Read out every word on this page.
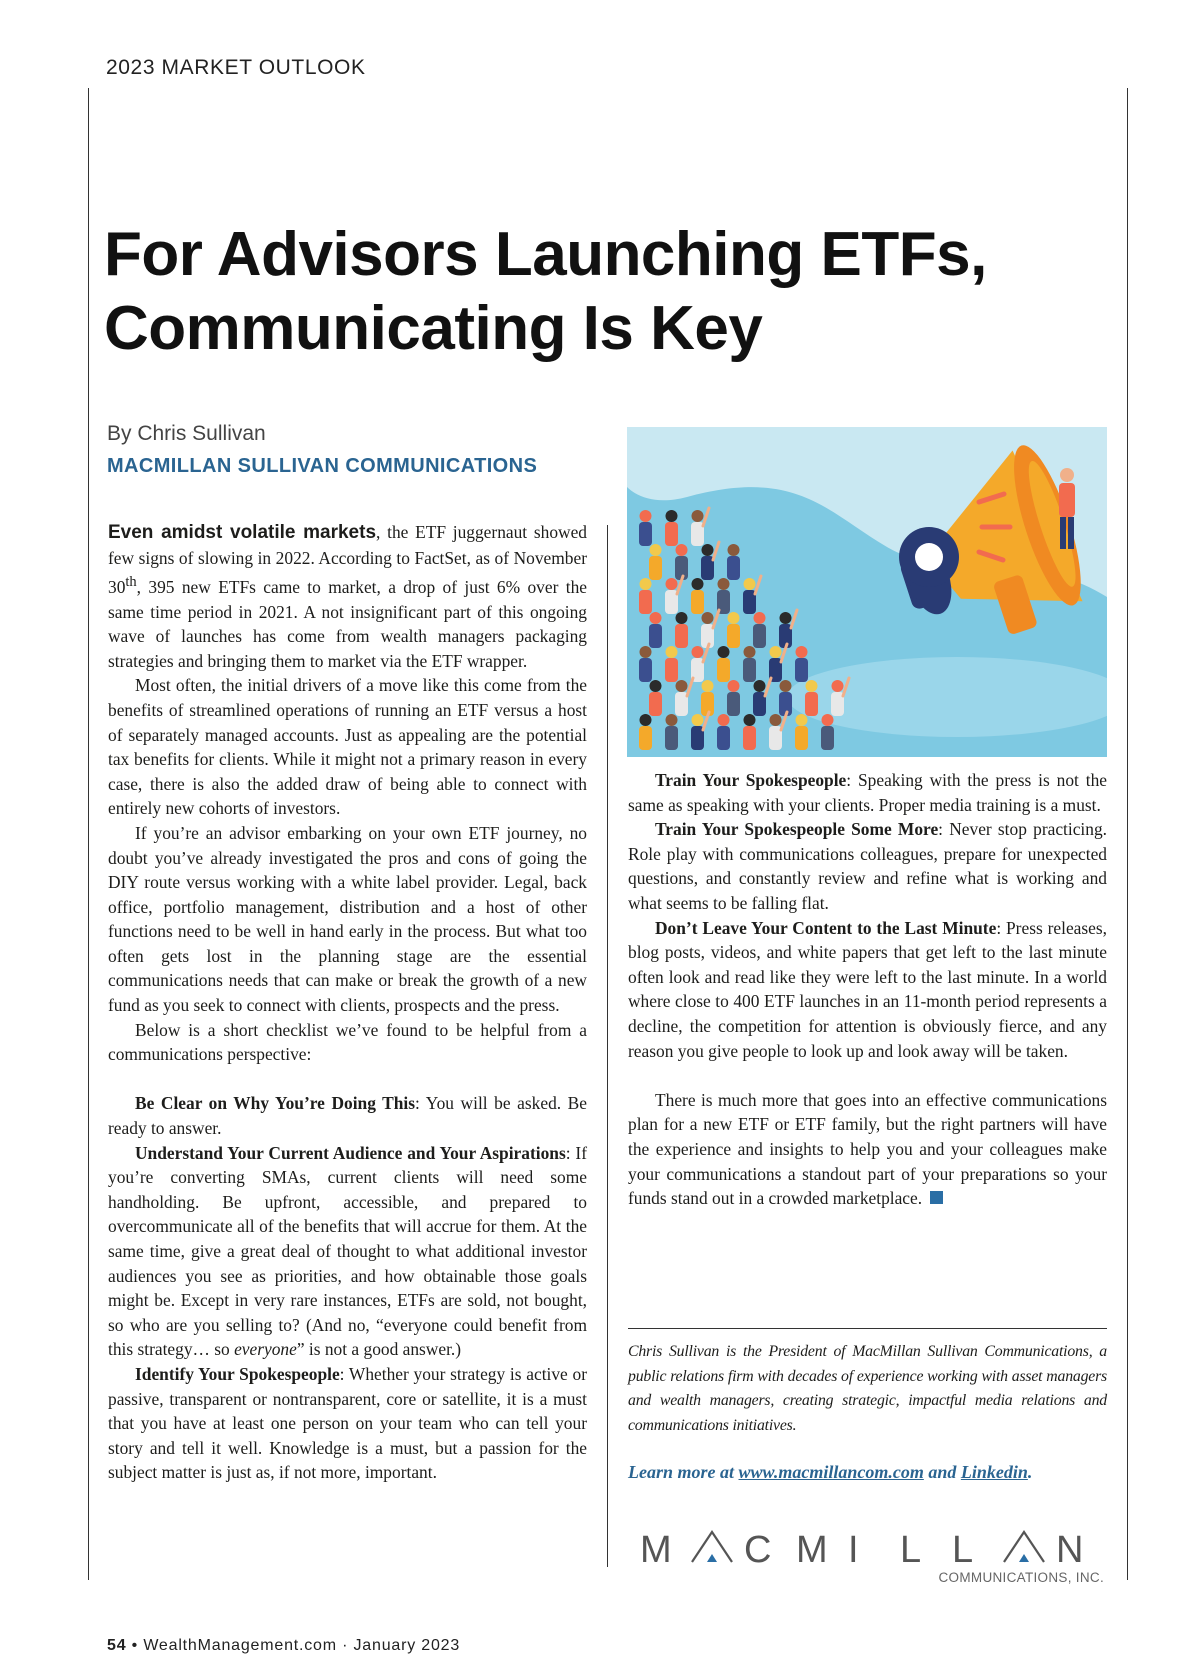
2023 MARKET OUTLOOK
For Advisors Launching ETFs,
Communicating Is Key
By Chris Sullivan
MACMILLAN SULLIVAN COMMUNICATIONS

Even amidst volatile markets, the ETF juggernaut showed few signs of slowing in 2022. According to FactSet, as of November 30th, 395 new ETFs came to market, a drop of just 6% over the same time period in 2021. A not insignificant part of this ongoing wave of launches has come from wealth managers packaging strategies and bringing them to market via the ETF wrapper.

Most often, the initial drivers of a move like this come from the benefits of streamlined operations of running an ETF versus a host of separately managed accounts. Just as appealing are the potential tax benefits for clients. While it might not a primary reason in every case, there is also the added draw of being able to connect with entirely new cohorts of investors.

If you’re an advisor embarking on your own ETF journey, no doubt you’ve already investigated the pros and cons of going the DIY route versus working with a white label provider. Legal, back office, portfolio management, distribution and a host of other functions need to be well in hand early in the process. But what too often gets lost in the planning stage are the essential communications needs that can make or break the growth of a new fund as you seek to connect with clients, prospects and the press.

Below is a short checklist we’ve found to be helpful from a communications perspective:

Be Clear on Why You’re Doing This: You will be asked. Be ready to answer.

Understand Your Current Audience and Your Aspirations: If you’re converting SMAs, current clients will need some handholding. Be upfront, accessible, and prepared to overcommunicate all of the benefits that will accrue for them. At the same time, give a great deal of thought to what additional investor audiences you see as priorities, and how obtainable those goals might be. Except in very rare instances, ETFs are sold, not bought, so who are you selling to? (And no, “everyone could benefit from this strategy… so everyone” is not a good answer.)

Identify Your Spokespeople: Whether your strategy is active or passive, transparent or nontransparent, core or satellite, it is a must that you have at least one person on your team who can tell your story and tell it well. Knowledge is a must, but a passion for the subject matter is just as, if not more, important.

Train Your Spokespeople: Speaking with the press is not the same as speaking with your clients. Proper media training is a must.

Train Your Spokespeople Some More: Never stop practicing. Role play with communications colleagues, prepare for unexpected questions, and constantly review and refine what is working and what seems to be falling flat.

Don’t Leave Your Content to the Last Minute: Press releases, blog posts, videos, and white papers that get left to the last minute often look and read like they were left to the last minute. In a world where close to 400 ETF launches in an 11-month period represents a decline, the competition for attention is obviously fierce, and any reason you give people to look up and look away will be taken.

There is much more that goes into an effective communications plan for a new ETF or ETF family, but the right partners will have the experience and insights to help you and your colleagues make your communications a standout part of your preparations so your funds stand out in a crowded marketplace.

Chris Sullivan is the President of MacMillan Sullivan Communications, a public relations firm with decades of experience working with asset managers and wealth managers, creating strategic, impactful media relations and communications initiatives.
Learn more at www.macmillancom.com and Linkedin.
M C M I L L N
COMMUNICATIONS, INC.
54 • WealthManagement.com · January 2023
